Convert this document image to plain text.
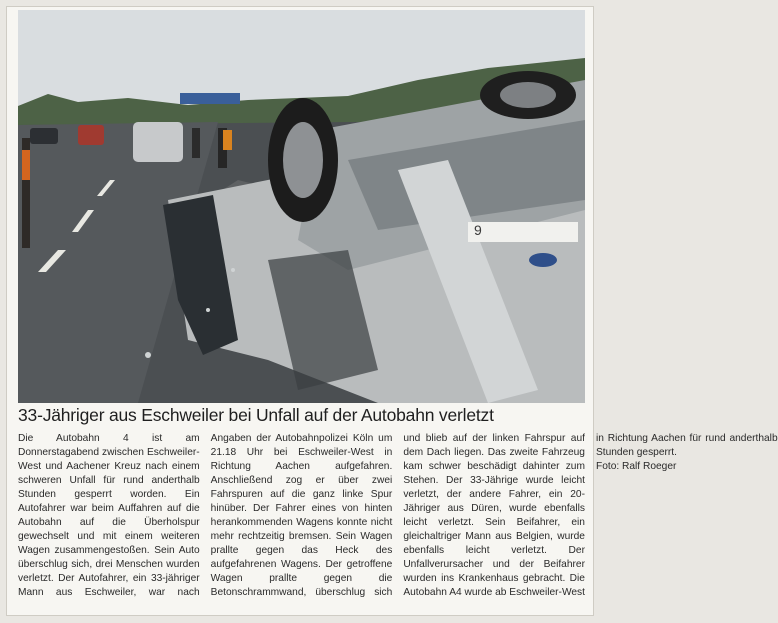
9
33-Jähriger aus Eschweiler bei Unfall auf der Autobahn verletzt

Die Autobahn 4 ist am Donnerstagabend zwischen Eschweiler-West und Aachener Kreuz nach einem schweren Unfall für rund anderthalb Stunden gesperrt worden. Ein Autofahrer war beim Auffahren auf die Autobahn auf die Überholspur gewechselt und mit einem weiteren Wagen zusammengestoßen. Sein Auto überschlug sich, drei Menschen wurden verletzt. Der Autofahrer, ein 33-jähriger Mann aus Eschweiler, war nach Angaben der Autobahnpolizei Köln um 21.18 Uhr bei Eschweiler-West in Richtung Aachen aufgefahren. Anschließend zog er über zwei Fahrspuren auf die ganz linke Spur hinüber. Der Fahrer eines von hinten herankommenden Wagens konnte nicht mehr rechtzeitig bremsen. Sein Wagen prallte gegen das Heck des aufgefahrenen Wagens. Der getroffene Wagen prallte gegen die Betonschrammwand, überschlug sich und blieb auf der linken Fahrspur auf dem Dach liegen. Das zweite Fahrzeug kam schwer beschädigt dahinter zum Stehen. Der 33-Jährige wurde leicht verletzt, der andere Fahrer, ein 20-Jähriger aus Düren, wurde ebenfalls leicht verletzt. Sein Beifahrer, ein gleichaltriger Mann aus Belgien, wurde ebenfalls leicht verletzt. Der Unfallverursacher und der Beifahrer wurden ins Krankenhaus gebracht. Die Autobahn A4 wurde ab Eschweiler-West in Richtung Aachen für rund anderthalb Stunden gesperrt.

Foto: Ralf Roeger
